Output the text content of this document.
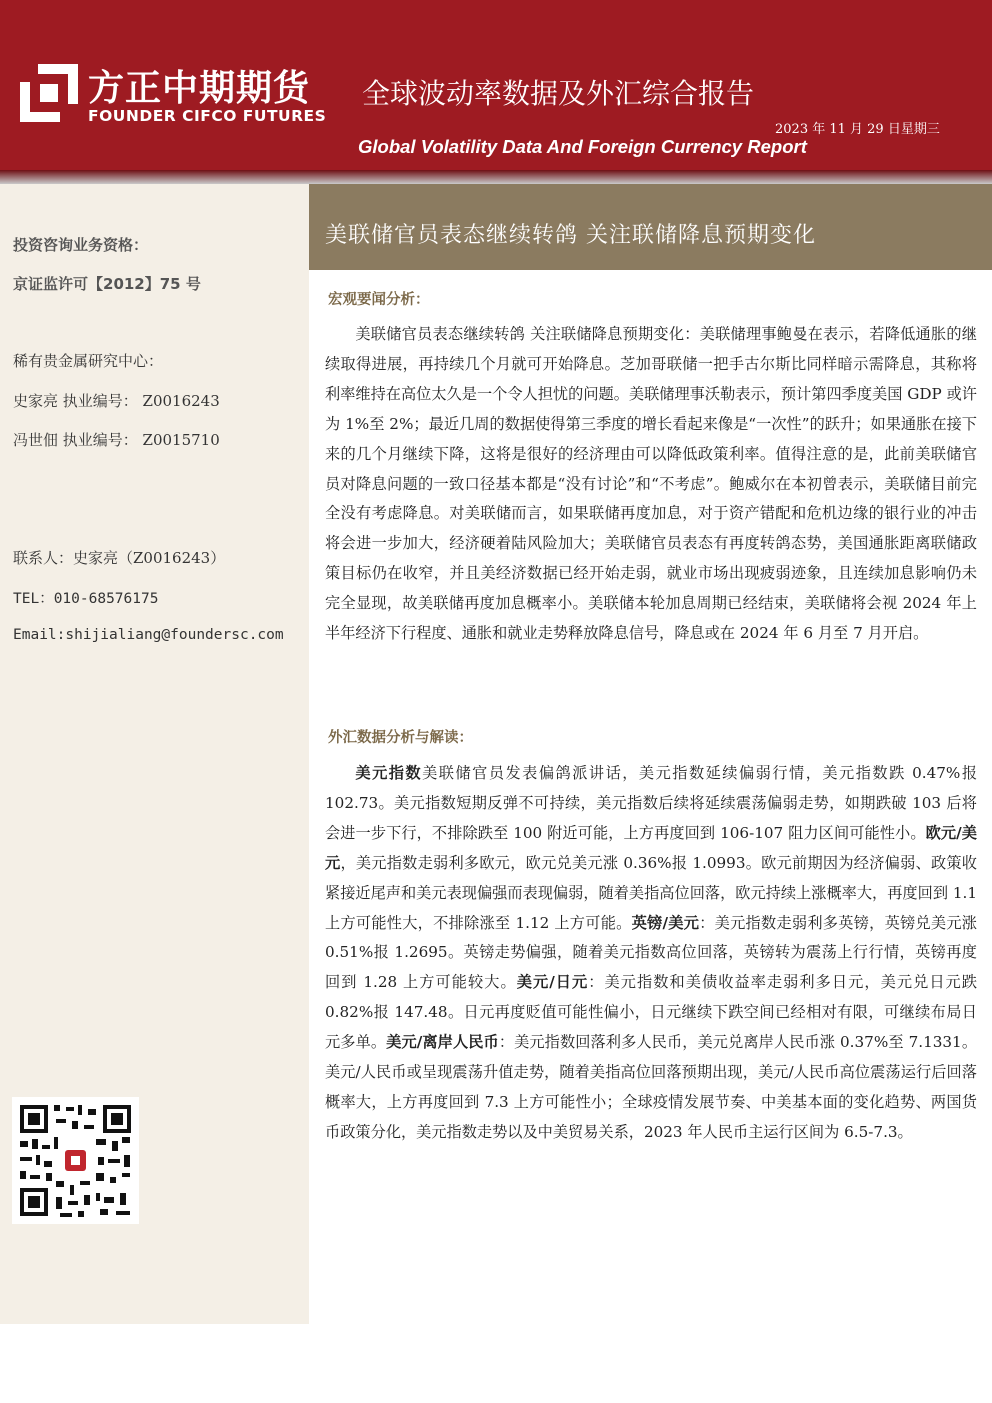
方正中期期货
FOUNDER CIFCO FUTURES
全球波动率数据及外汇综合报告
2023 年 11 月 29 日星期三
Global Volatility Data And Foreign Currency Report
投资咨询业务资格：
京证监许可【2012】75 号
稀有贵金属研究中心：
史家亮 执业编号： Z0016243
冯世佃 执业编号： Z0015710
联系人：史家亮（Z0016243）
TEL：010-68576175
Email:shijialiang@foundersc.com
美联储官员表态继续转鸽 关注联储降息预期变化
宏观要闻分析：

美联储官员表态继续转鸽 关注联储降息预期变化：美联储理事鲍曼在表示，若降低通胀的继续取得进展，再持续几个月就可开始降息。芝加哥联储一把手古尔斯比同样暗示需降息，其称将利率维持在高位太久是一个令人担忧的问题。美联储理事沃勒表示，预计第四季度美国 GDP 或许为 1%至 2%；最近几周的数据使得第三季度的增长看起来像是“一次性”的跃升；如果通胀在接下来的几个月继续下降，这将是很好的经济理由可以降低政策利率。值得注意的是，此前美联储官员对降息问题的一致口径基本都是“没有讨论”和“不考虑”。鲍威尔在本初曾表示，美联储目前完全没有考虑降息。对美联储而言，如果联储再度加息，对于资产错配和危机边缘的银行业的冲击将会进一步加大，经济硬着陆风险加大；美联储官员表态有再度转鸽态势，美国通胀距离联储政策目标仍在收窄，并且美经济数据已经开始走弱，就业市场出现疲弱迹象，且连续加息影响仍未完全显现，故美联储再度加息概率小。美联储本轮加息周期已经结束，美联储将会视 2024 年上半年经济下行程度、通胀和就业走势释放降息信号，降息或在 2024 年 6 月至 7 月开启。

外汇数据分析与解读：

美元指数美联储官员发表偏鸽派讲话，美元指数延续偏弱行情，美元指数跌 0.47%报 102.73。美元指数短期反弹不可持续，美元指数后续将延续震荡偏弱走势，如期跌破 103 后将会进一步下行，不排除跌至 100 附近可能，上方再度回到 106-107 阻力区间可能性小。欧元/美元，美元指数走弱利多欧元，欧元兑美元涨 0.36%报 1.0993。欧元前期因为经济偏弱、政策收紧接近尾声和美元表现偏强而表现偏弱，随着美指高位回落，欧元持续上涨概率大，再度回到 1.1 上方可能性大，不排除涨至 1.12 上方可能。英镑/美元：美元指数走弱利多英镑，英镑兑美元涨 0.51%报 1.2695。英镑走势偏强，随着美元指数高位回落，英镑转为震荡上行行情，英镑再度回到 1.28 上方可能较大。美元/日元：美元指数和美债收益率走弱利多日元，美元兑日元跌 0.82%报 147.48。日元再度贬值可能性偏小，日元继续下跌空间已经相对有限，可继续布局日元多单。美元/离岸人民币：美元指数回落利多人民币，美元兑离岸人民币涨 0.37%至 7.1331。美元/人民币或呈现震荡升值走势，随着美指高位回落预期出现，美元/人民币高位震荡运行后回落概率大，上方再度回到 7.3 上方可能性小；全球疫情发展节奏、中美基本面的变化趋势、两国货币政策分化，美元指数走势以及中美贸易关系，2023 年人民币主运行区间为 6.5-7.3。
